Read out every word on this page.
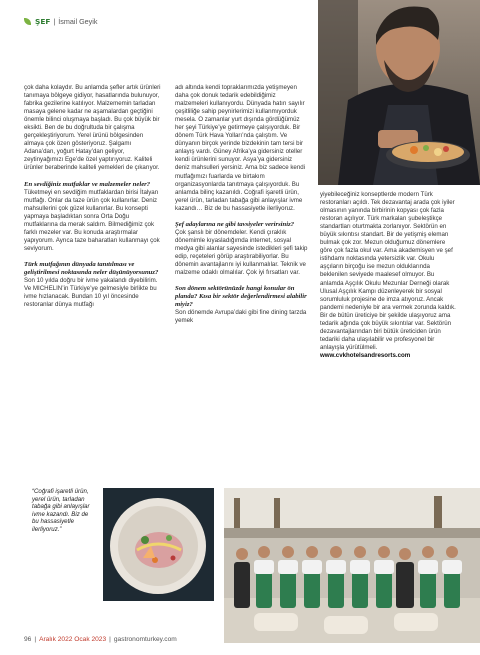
ŞEF | İsmail Geyik

çok daha kolaydır. Bu anlamda şefler artık ürünleri tanımaya bölgeye gidiyor, hasatlarında bulunuyor, fabrika gezilerine katılıyor. Malzememin tarladan masaya gelene kadar ne aşamalardan geçtiğini önemle bilinci oluşmaya başladı. Bu çok büyük bir eksikti. Ben de bu doğrultuda bir çalışma gerçekleştiriyorum. Yerel ürünü bölgesinden almaya çok özen gösteriyoruz. Şalgamı Adana’dan, yoğurt Hatay’dan geliyor, zeytinyağımızı Ege’de özel yaptırıyoruz. Kaliteli ürünler beraberinde kaliteli yemekleri de çıkarıyor.

En sevdiğiniz mutfaklar ve malzemeler neler?

Tüketmeyi en sevdiğim mutfaklardan birisi İtalyan mutfağı. Onlar da taze ürün çok kullanırlar. Deniz mahsullerini çok güzel kullanırlar. Bu konsepti yapmaya başladıktan sonra Orta Doğu mutfaklarına da merak saldım. Bilmediğimiz çok farklı mezeler var. Bu konuda araştırmalar yapıyorum. Ayrıca taze baharatları kullanmayı çok seviyorum.

Türk mutfağının dünyada tanıtılması ve geliştirilmesi noktasında neler düşünüyorsunuz?

Son 10 yılda doğru bir ivme yakalandı diyebilirim. Ve MICHELIN’in Türkiye’ye gelmesiyle birlikte bu ivme hızlanacak. Bundan 10 yıl öncesinde restoranlar dünya mutfağı

adı altında kendi topraklarımızda yetişmeyen daha çok donuk tedarik edebildiğimiz malzemeleri kullanıyordu. Dünyada hatırı sayılır çeşitliliğe sahip peynirlerimizi kullanmıyorduk mesela. O zamanlar yurt dışında gördüğümüz her şeyi Türkiye’ye getirmeye çalışıyorduk. Bir dönem Türk Hava Yolları’nda çalıştım. Ve dünyanın birçok yerinde bizdekinin tam tersi bir anlayış vardı. Güney Afrika’ya gidersiniz oteller kendi ürünlerini sunuyor. Asya’ya gidersiniz deniz mahsulleri yersiniz. Ama biz sadece kendi mutfağımızı fuarlarda ve birtakım organizasyonlarda tanıtmaya çalışıyorduk. Bu anlamda bilinç kazanıldı. Coğrafi işaretli ürün, yerel ürün, tarladan tabağa gibi anlayışlar ivme kazandı… Biz de bu hassasiyetle ilerliyoruz.

Şef adaylarına ne gibi tavsiyeler verirsiniz?

Çok şanslı bir dönemdeler. Kendi çıraklık dönemimle kıyasladığımda internet, sosyal medya gibi alanlar sayesinde istedikleri şefi takip edip, reçeteleri görüp araştırabiliyorlar. Bu dönemin avantajlarını iyi kullanmalılar. Teknik ve malzeme odaklı olmalılar. Çok iyi fırsatları var.

Son dönem sektörünüzde hangi konular ön planda? Kısa bir sektör değerlendirmesi alabilir miyiz?

Son dönemde Avrupa’daki gibi fine dining tarzda yemek

yiyebileceğiniz konseptlerde modern Türk restoranları açıldı. Tek dezavantaj arada çok iyiler olmasının yanında birbirinin kopyası çok fazla restoran açılıyor. Türk markaları şubeleştikçe standartları oturtmakta zorlanıyor. Sektörün en büyük sıkıntısı standart. Bir de yetişmiş eleman bulmak çok zor. Mezun olduğumuz dönemlere göre çok fazla okul var. Ama akademisyen ve şef istihdamı noktasında yetersizlik var. Okulu aşçıların birçoğu ise mezun olduklarında beklenilen seviyede maalesef olmuyor. Bu anlamda Aşçılık Okulu Mezunlar Derneği olarak Ulusal Aşçılık Kampı düzenleyerek bir sosyal sorumluluk projesine de imza atıyoruz. Ancak pandemi nedeniyle bir ara vermek zorunda kaldık. Bir de bütün üreticiye bir şekilde ulaşıyoruz ama tedarik ağında çok büyük sıkıntılar var. Sektörün dezavantajlarından biri bütük üreticiden ürün tedariki daha ulaşılabilir ve profesyonel bir anlayışla yürütülmeli.

www.cvkhotelsandresorts.com

“Coğrafi işaretli ürün, yerel ürün, tarladan tabağa gibi anlayışlar ivme kazandı. Biz de bu hassasiyetle ilerliyoruz.”
96 | Aralık 2022 Ocak 2023 | gastronomturkey.com
